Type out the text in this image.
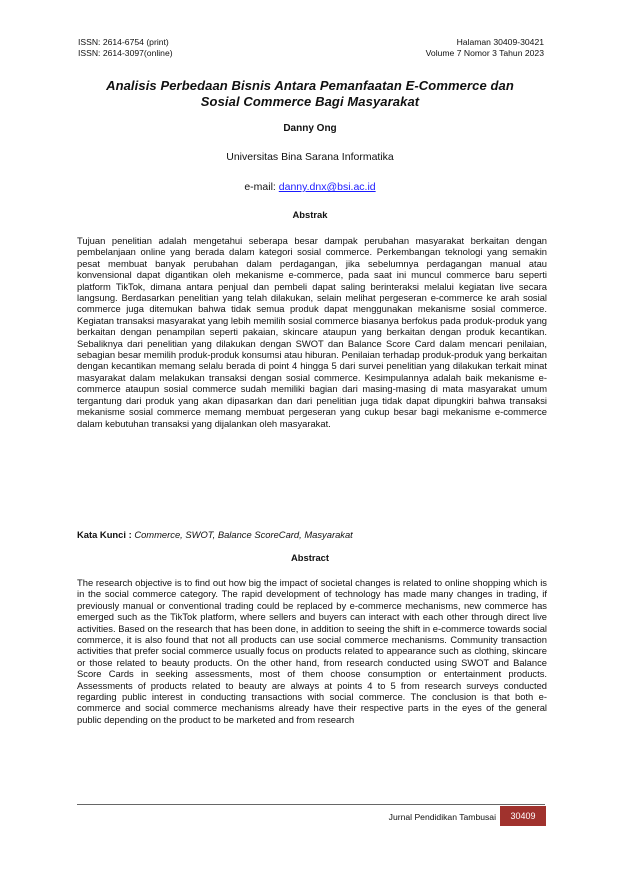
ISSN: 2614-6754 (print)
ISSN: 2614-3097(online)
Halaman 30409-30421
Volume 7 Nomor 3 Tahun 2023
Analisis Perbedaan Bisnis Antara Pemanfaatan E-Commerce dan
Sosial Commerce Bagi Masyarakat
Danny Ong
Universitas Bina Sarana Informatika
e-mail: danny.dnx@bsi.ac.id
Abstrak

Tujuan penelitian adalah mengetahui seberapa besar dampak perubahan masyarakat berkaitan dengan pembelanjaan online yang berada dalam kategori sosial commerce. Perkembangan teknologi yang semakin pesat membuat banyak perubahan dalam perdagangan, jika sebelumnya perdagangan manual atau konvensional dapat digantikan oleh mekanisme e-commerce, pada saat ini muncul commerce baru seperti platform TikTok, dimana antara penjual dan pembeli dapat saling berinteraksi melalui kegiatan live secara langsung. Berdasarkan penelitian yang telah dilakukan, selain melihat pergeseran e-commerce ke arah sosial commerce juga ditemukan bahwa tidak semua produk dapat menggunakan mekanisme sosial commerce. Kegiatan transaksi masyarakat yang lebih memilih sosial commerce biasanya berfokus pada produk-produk yang berkaitan dengan penampilan seperti pakaian, skincare ataupun yang berkaitan dengan produk kecantikan. Sebaliknya dari penelitian yang dilakukan dengan SWOT dan Balance Score Card dalam mencari penilaian, sebagian besar memilih produk-produk konsumsi atau hiburan. Penilaian terhadap produk-produk yang berkaitan dengan kecantikan memang selalu berada di point 4 hingga 5 dari survei penelitian yang dilakukan terkait minat masyarakat dalam melakukan transaksi dengan sosial commerce. Kesimpulannya adalah baik mekanisme e-commerce ataupun sosial commerce sudah memiliki bagian dari masing-masing di mata masyarakat umum tergantung dari produk yang akan dipasarkan dan dari penelitian juga tidak dapat dipungkiri bahwa transaksi mekanisme sosial commerce memang membuat pergeseran yang cukup besar bagi mekanisme e-commerce dalam kebutuhan transaksi yang dijalankan oleh masyarakat.

Kata Kunci : Commerce, SWOT, Balance ScoreCard, Masyarakat
Abstract

The research objective is to find out how big the impact of societal changes is related to online shopping which is in the social commerce category. The rapid development of technology has made many changes in trading, if previously manual or conventional trading could be replaced by e-commerce mechanisms, new commerce has emerged such as the TikTok platform, where sellers and buyers can interact with each other through direct live activities. Based on the research that has been done, in addition to seeing the shift in e-commerce towards social commerce, it is also found that not all products can use social commerce mechanisms. Community transaction activities that prefer social commerce usually focus on products related to appearance such as clothing, skincare or those related to beauty products. On the other hand, from research conducted using SWOT and Balance Score Cards in seeking assessments, most of them choose consumption or entertainment products. Assessments of products related to beauty are always at points 4 to 5 from research surveys conducted regarding public interest in conducting transactions with social commerce. The conclusion is that both e-commerce and social commerce mechanisms already have their respective parts in the eyes of the general public depending on the product to be marketed and from research

Jurnal Pendidikan Tambusai	30409
